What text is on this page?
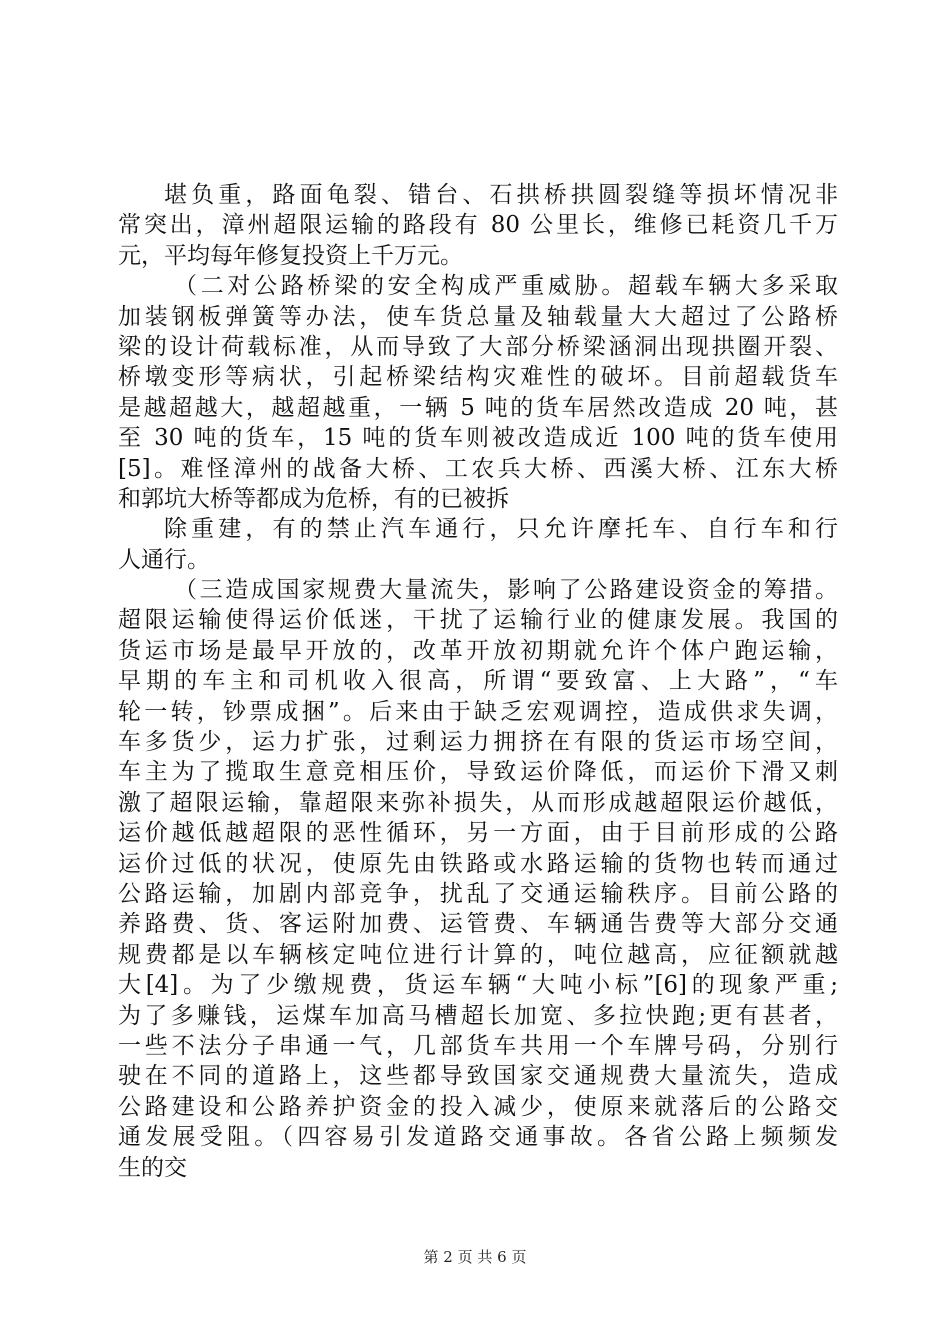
堪负重，路面龟裂、错台、石拱桥拱圆裂缝等损坏情况非
常突出，漳州超限运输的路段有 80 公里长，维修已耗资几千万
元，平均每年修复投资上千万元。
（二对公路桥梁的安全构成严重威胁。超载车辆大多采取
加装钢板弹簧等办法，使车货总量及轴载量大大超过了公路桥
梁的设计荷载标准，从而导致了大部分桥梁涵洞出现拱圈开裂、
桥墩变形等病状，引起桥梁结构灾难性的破坏。目前超载货车
是越超越大，越超越重，一辆 5 吨的货车居然改造成 20 吨，甚
至 30 吨的货车，15 吨的货车则被改造成近 100 吨的货车使用
[5]。难怪漳州的战备大桥、工农兵大桥、西溪大桥、江东大桥
和郭坑大桥等都成为危桥，有的已被拆
除重建，有的禁止汽车通行，只允许摩托车、自行车和行
人通行。
（三造成国家规费大量流失，影响了公路建设资金的筹措。
超限运输使得运价低迷，干扰了运输行业的健康发展。我国的
货运市场是最早开放的，改革开放初期就允许个体户跑运输，
早期的车主和司机收入很高，所谓“要致富、上大路”，“车
轮一转，钞票成捆”。后来由于缺乏宏观调控，造成供求失调，
车多货少，运力扩张，过剩运力拥挤在有限的货运市场空间，
车主为了揽取生意竞相压价，导致运价降低，而运价下滑又刺
激了超限运输，靠超限来弥补损失，从而形成越超限运价越低，
运价越低越超限的恶性循环，另一方面，由于目前形成的公路
运价过低的状况，使原先由铁路或水路运输的货物也转而通过
公路运输，加剧内部竞争，扰乱了交通运输秩序。目前公路的
养路费、货、客运附加费、运管费、车辆通告费等大部分交通
规费都是以车辆核定吨位进行计算的，吨位越高，应征额就越
大[4]。为了少缴规费，货运车辆“大吨小标”[6]的现象严重;
为了多赚钱，运煤车加高马槽超长加宽、多拉快跑;更有甚者，
一些不法分子串通一气，几部货车共用一个车牌号码，分别行
驶在不同的道路上，这些都导致国家交通规费大量流失，造成
公路建设和公路养护资金的投入减少，使原来就落后的公路交
通发展受阻。（四容易引发道路交通事故。各省公路上频频发
生的交
第 2 页 共 6 页
